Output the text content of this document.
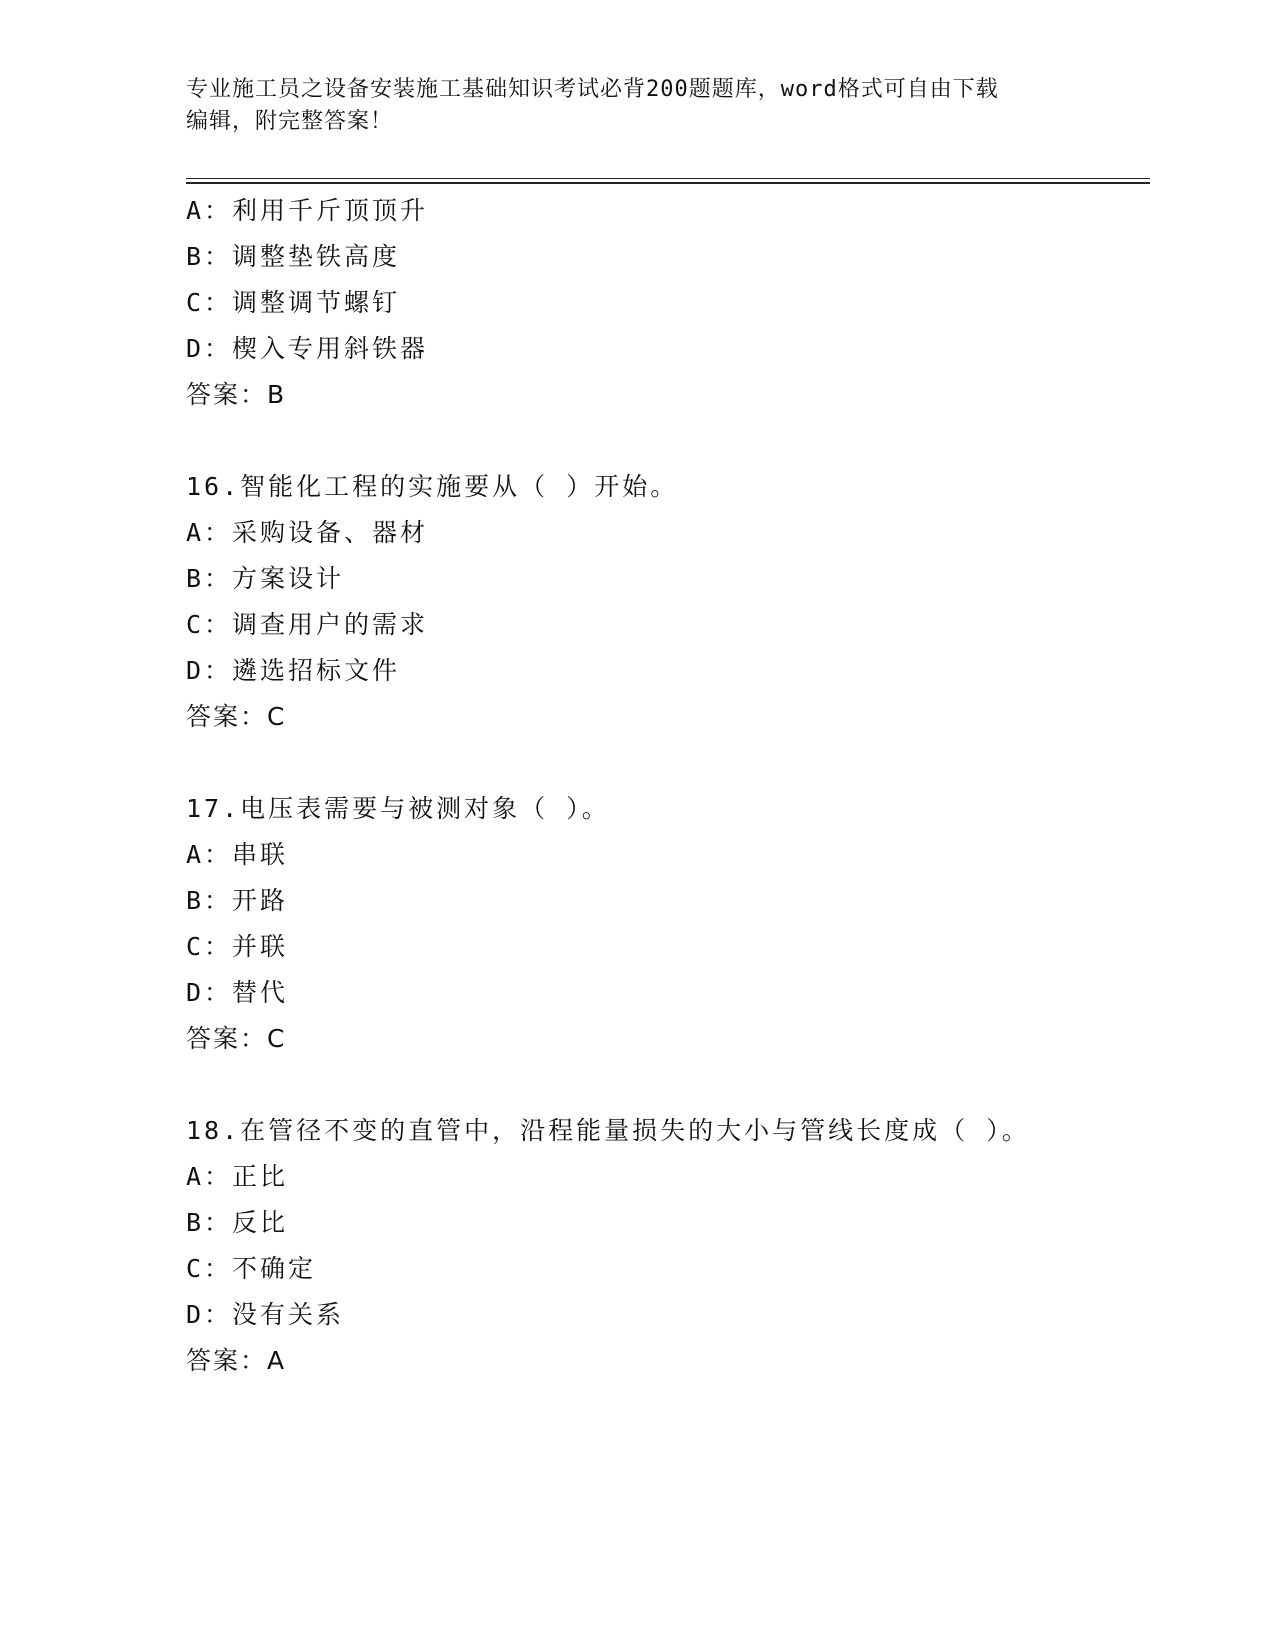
专业施工员之设备安装施工基础知识考试必背200题题库，word格式可自由下载
编辑，附完整答案！
A：利用千斤顶顶升
B：调整垫铁高度
C：调整调节螺钉
D：楔入专用斜铁器
答案：B
16.智能化工程的实施要从（ ）开始。
A：采购设备、器材
B：方案设计
C：调查用户的需求
D：遴选招标文件
答案：C
17.电压表需要与被测对象（ ）。
A：串联
B：开路
C：并联
D：替代
答案：C
18.在管径不变的直管中，沿程能量损失的大小与管线长度成（ ）。
A：正比
B：反比
C：不确定
D：没有关系
答案：A
